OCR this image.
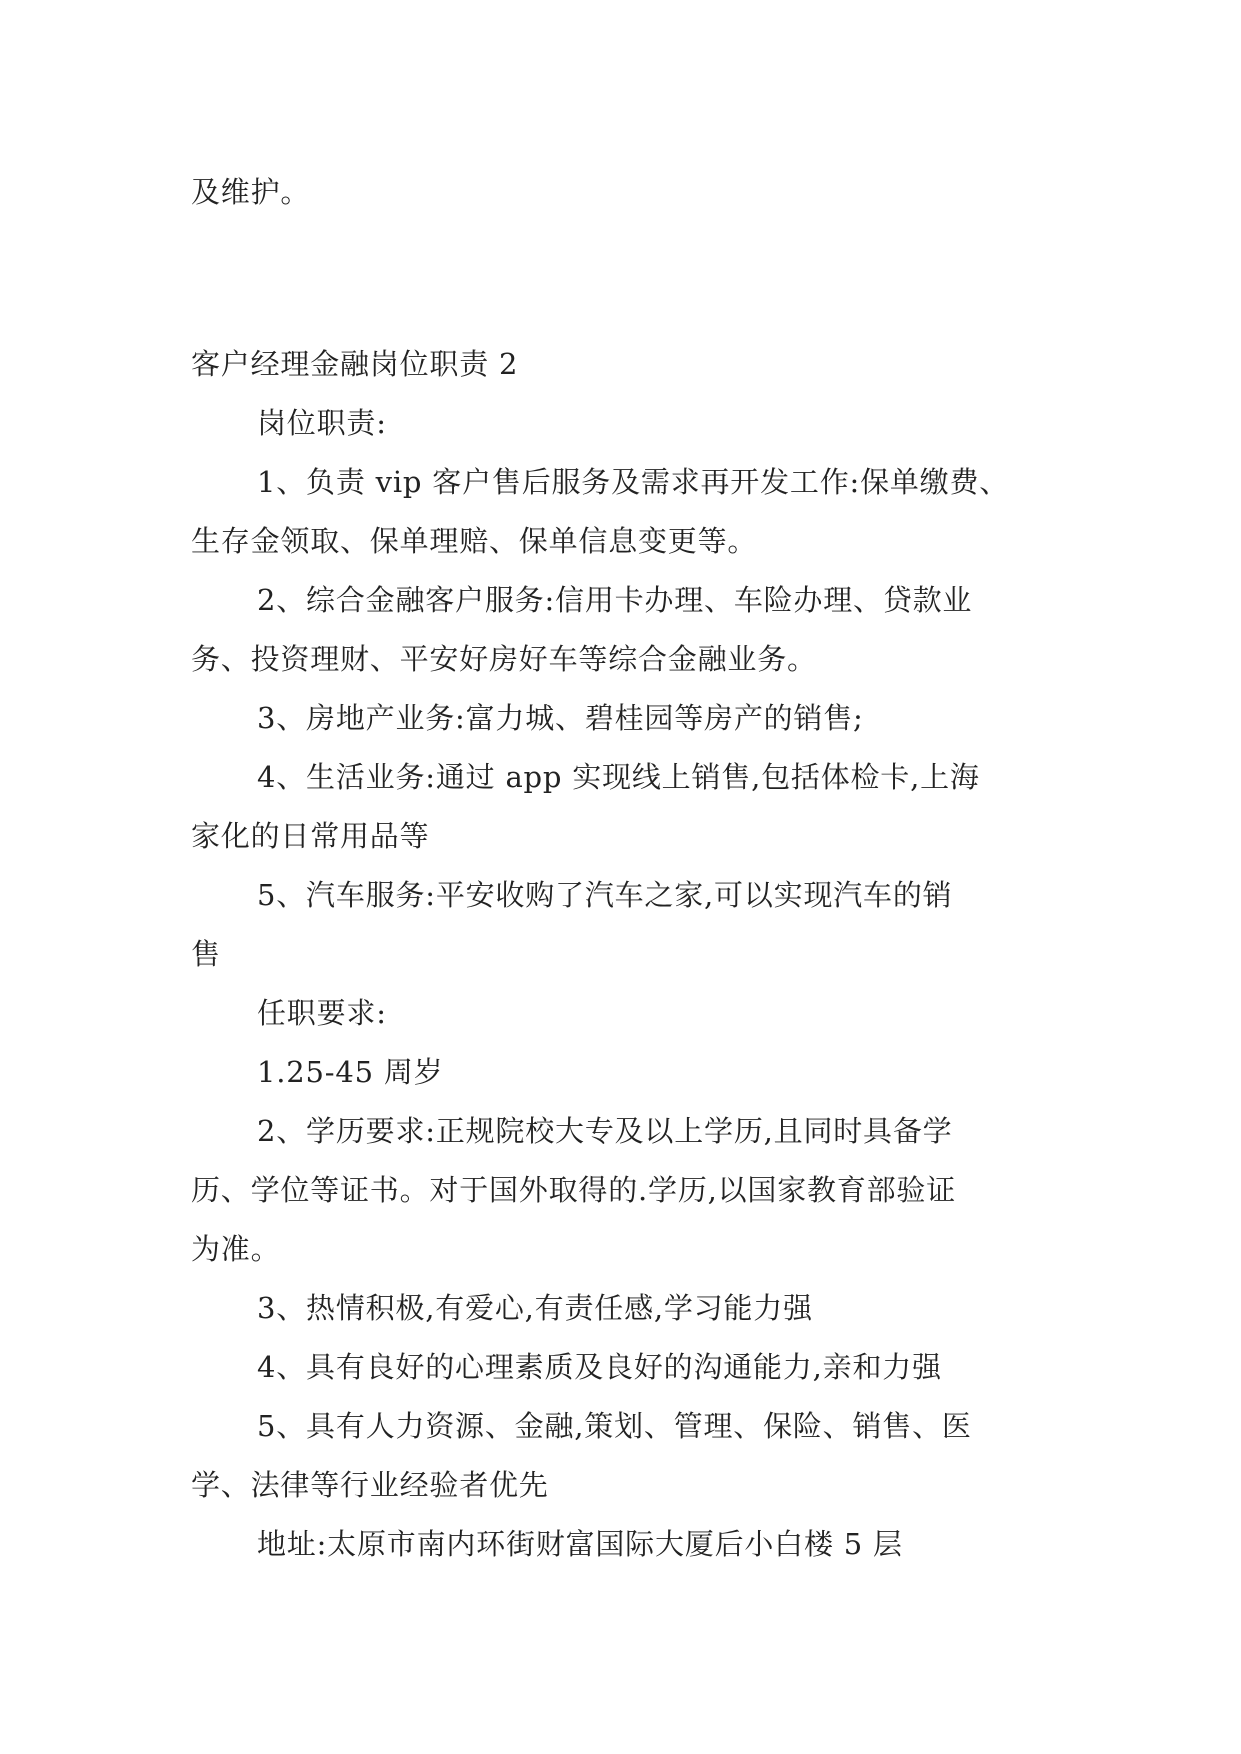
及维护。

客户经理金融岗位职责 2

岗位职责:

1、负责 vip 客户售后服务及需求再开发工作:保单缴费、

生存金领取、保单理赔、保单信息变更等。

2、综合金融客户服务:信用卡办理、车险办理、贷款业

务、投资理财、平安好房好车等综合金融业务。

3、房地产业务:富力城、碧桂园等房产的销售;

4、生活业务:通过 app 实现线上销售,包括体检卡,上海

家化的日常用品等

5、汽车服务:平安收购了汽车之家,可以实现汽车的销

售

任职要求:

1.25-45 周岁

2、学历要求:正规院校大专及以上学历,且同时具备学

历、学位等证书。对于国外取得的.学历,以国家教育部验证

为准。

3、热情积极,有爱心,有责任感,学习能力强

4、具有良好的心理素质及良好的沟通能力,亲和力强

5、具有人力资源、金融,策划、管理、保险、销售、医

学、法律等行业经验者优先

地址:太原市南内环街财富国际大厦后小白楼 5 层
